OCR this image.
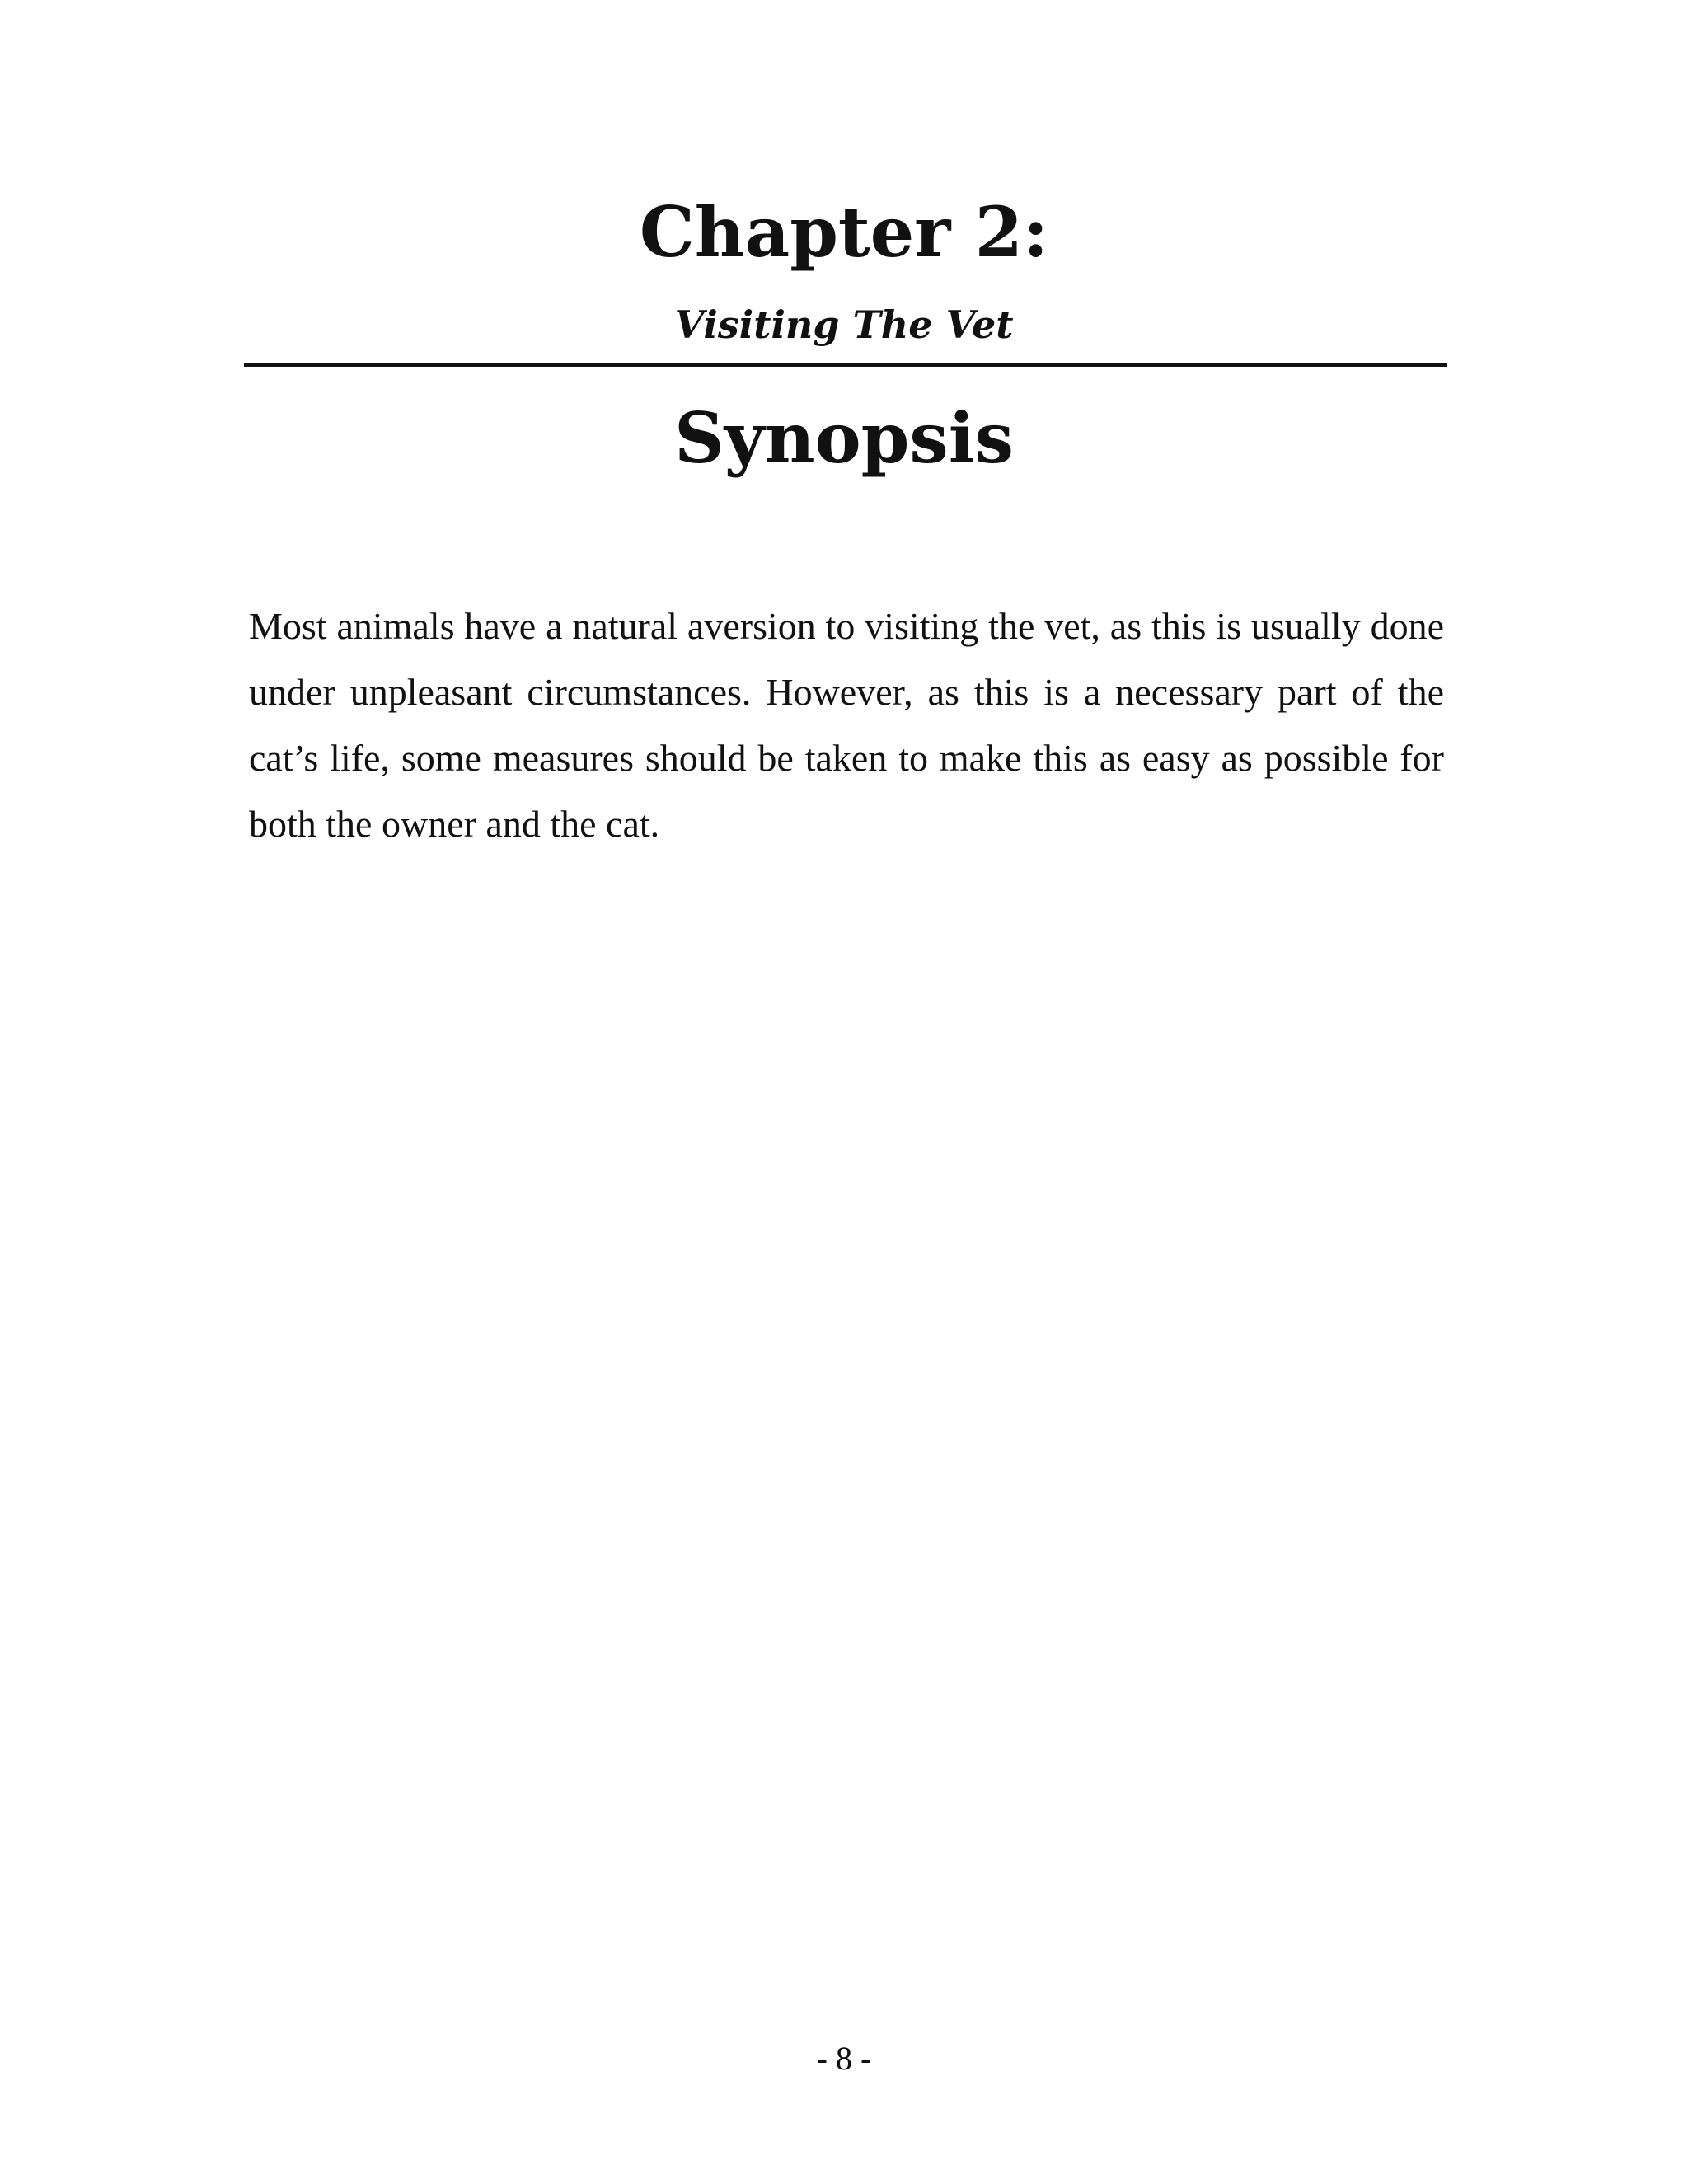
Chapter 2:
Visiting The Vet
Synopsis

Most animals have a natural aversion to visiting the vet, as this is usually done under unpleasant circumstances. However, as this is a necessary part of the cat’s life, some measures should be taken to make this as easy as possible for both the owner and the cat.

- 8 -
